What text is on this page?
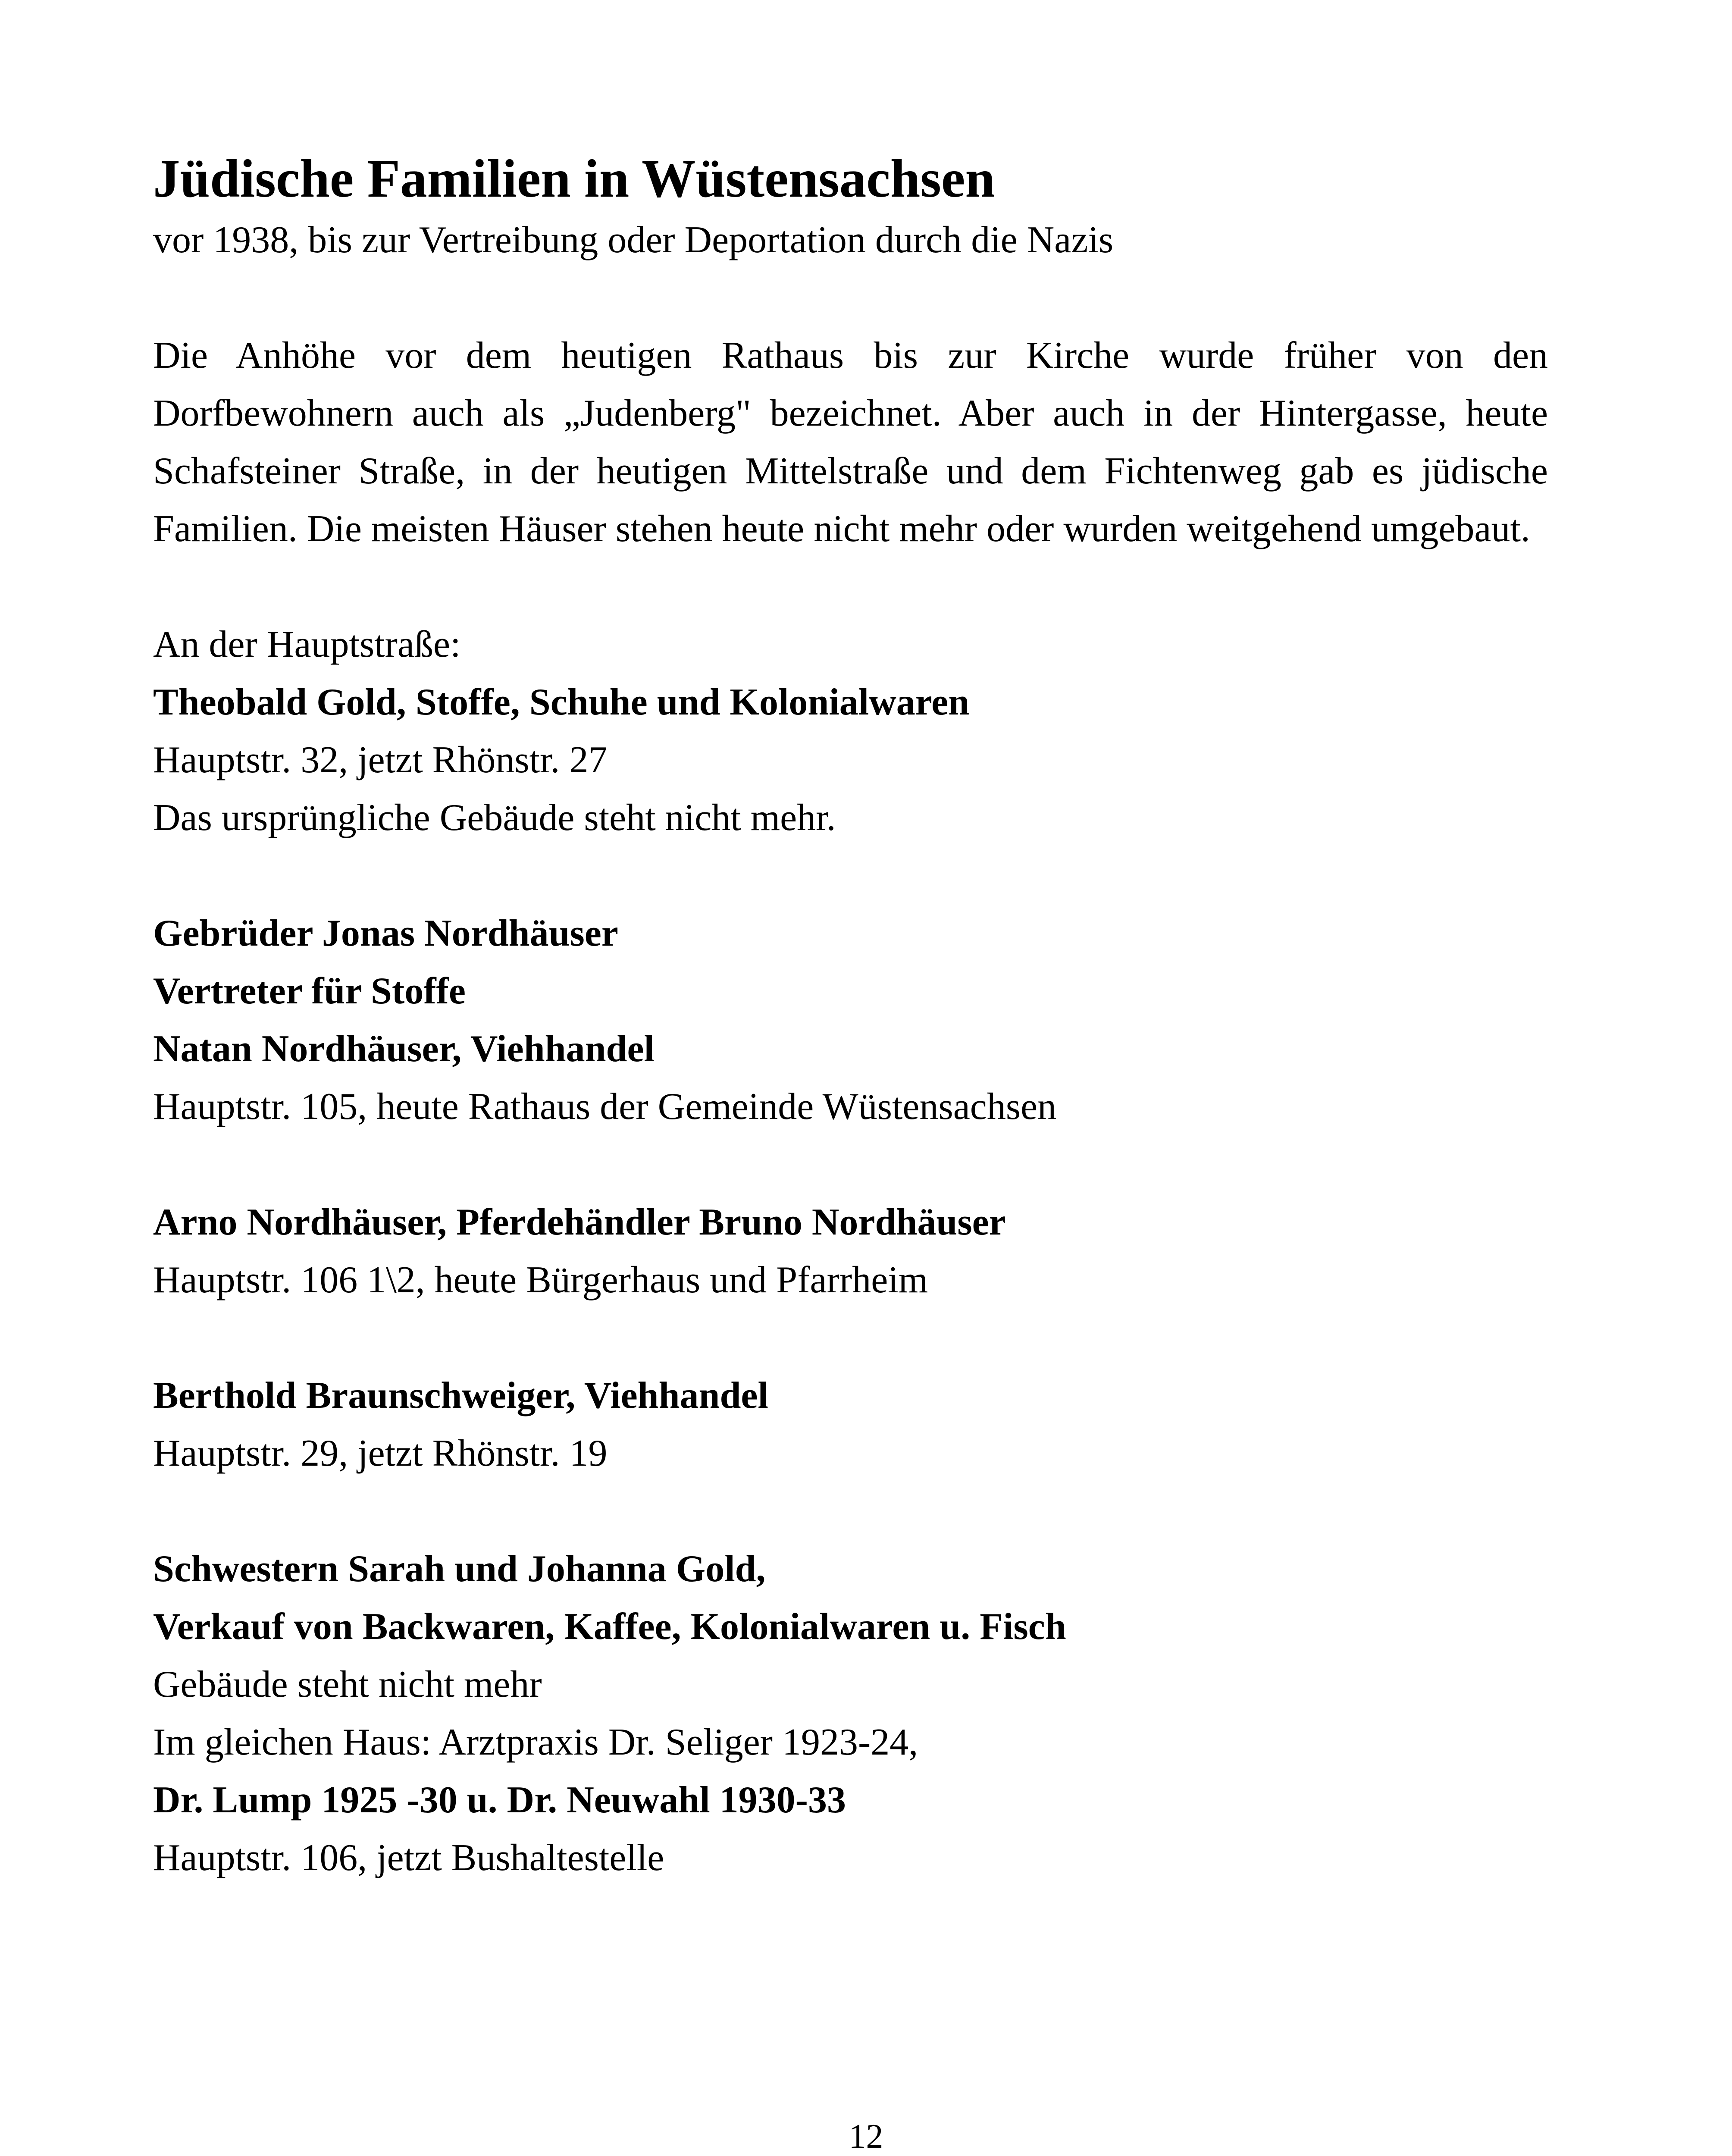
Jüdische Familien in Wüstensachsen

vor 1938, bis zur Vertreibung oder Deportation durch die Nazis

Die Anhöhe vor dem heutigen Rathaus bis zur Kirche wurde früher von den Dorfbewohnern auch als „Judenberg" bezeichnet. Aber auch in der Hintergasse, heute Schafsteiner Straße, in der heutigen Mittelstraße und dem Fichtenweg gab es jüdische Familien. Die meisten Häuser stehen heute nicht mehr oder wurden weitgehend umgebaut.

An der Hauptstraße:

Theobald Gold, Stoffe, Schuhe und Kolonialwaren

Hauptstr. 32, jetzt Rhönstr. 27

Das ursprüngliche Gebäude steht nicht mehr.

Gebrüder Jonas Nordhäuser

Vertreter für Stoffe

Natan Nordhäuser, Viehhandel

Hauptstr. 105, heute Rathaus der Gemeinde Wüstensachsen

Arno Nordhäuser, Pferdehändler Bruno Nordhäuser

Hauptstr. 106 1\2, heute Bürgerhaus und Pfarrheim

Berthold Braunschweiger, Viehhandel

Hauptstr. 29, jetzt Rhönstr. 19

Schwestern Sarah und Johanna Gold,

Verkauf von Backwaren, Kaffee, Kolonialwaren u. Fisch

Gebäude steht nicht mehr

Im gleichen Haus: Arztpraxis Dr. Seliger 1923-24,

Dr. Lump 1925 -30 u. Dr. Neuwahl 1930-33

Hauptstr. 106, jetzt Bushaltestelle

12
